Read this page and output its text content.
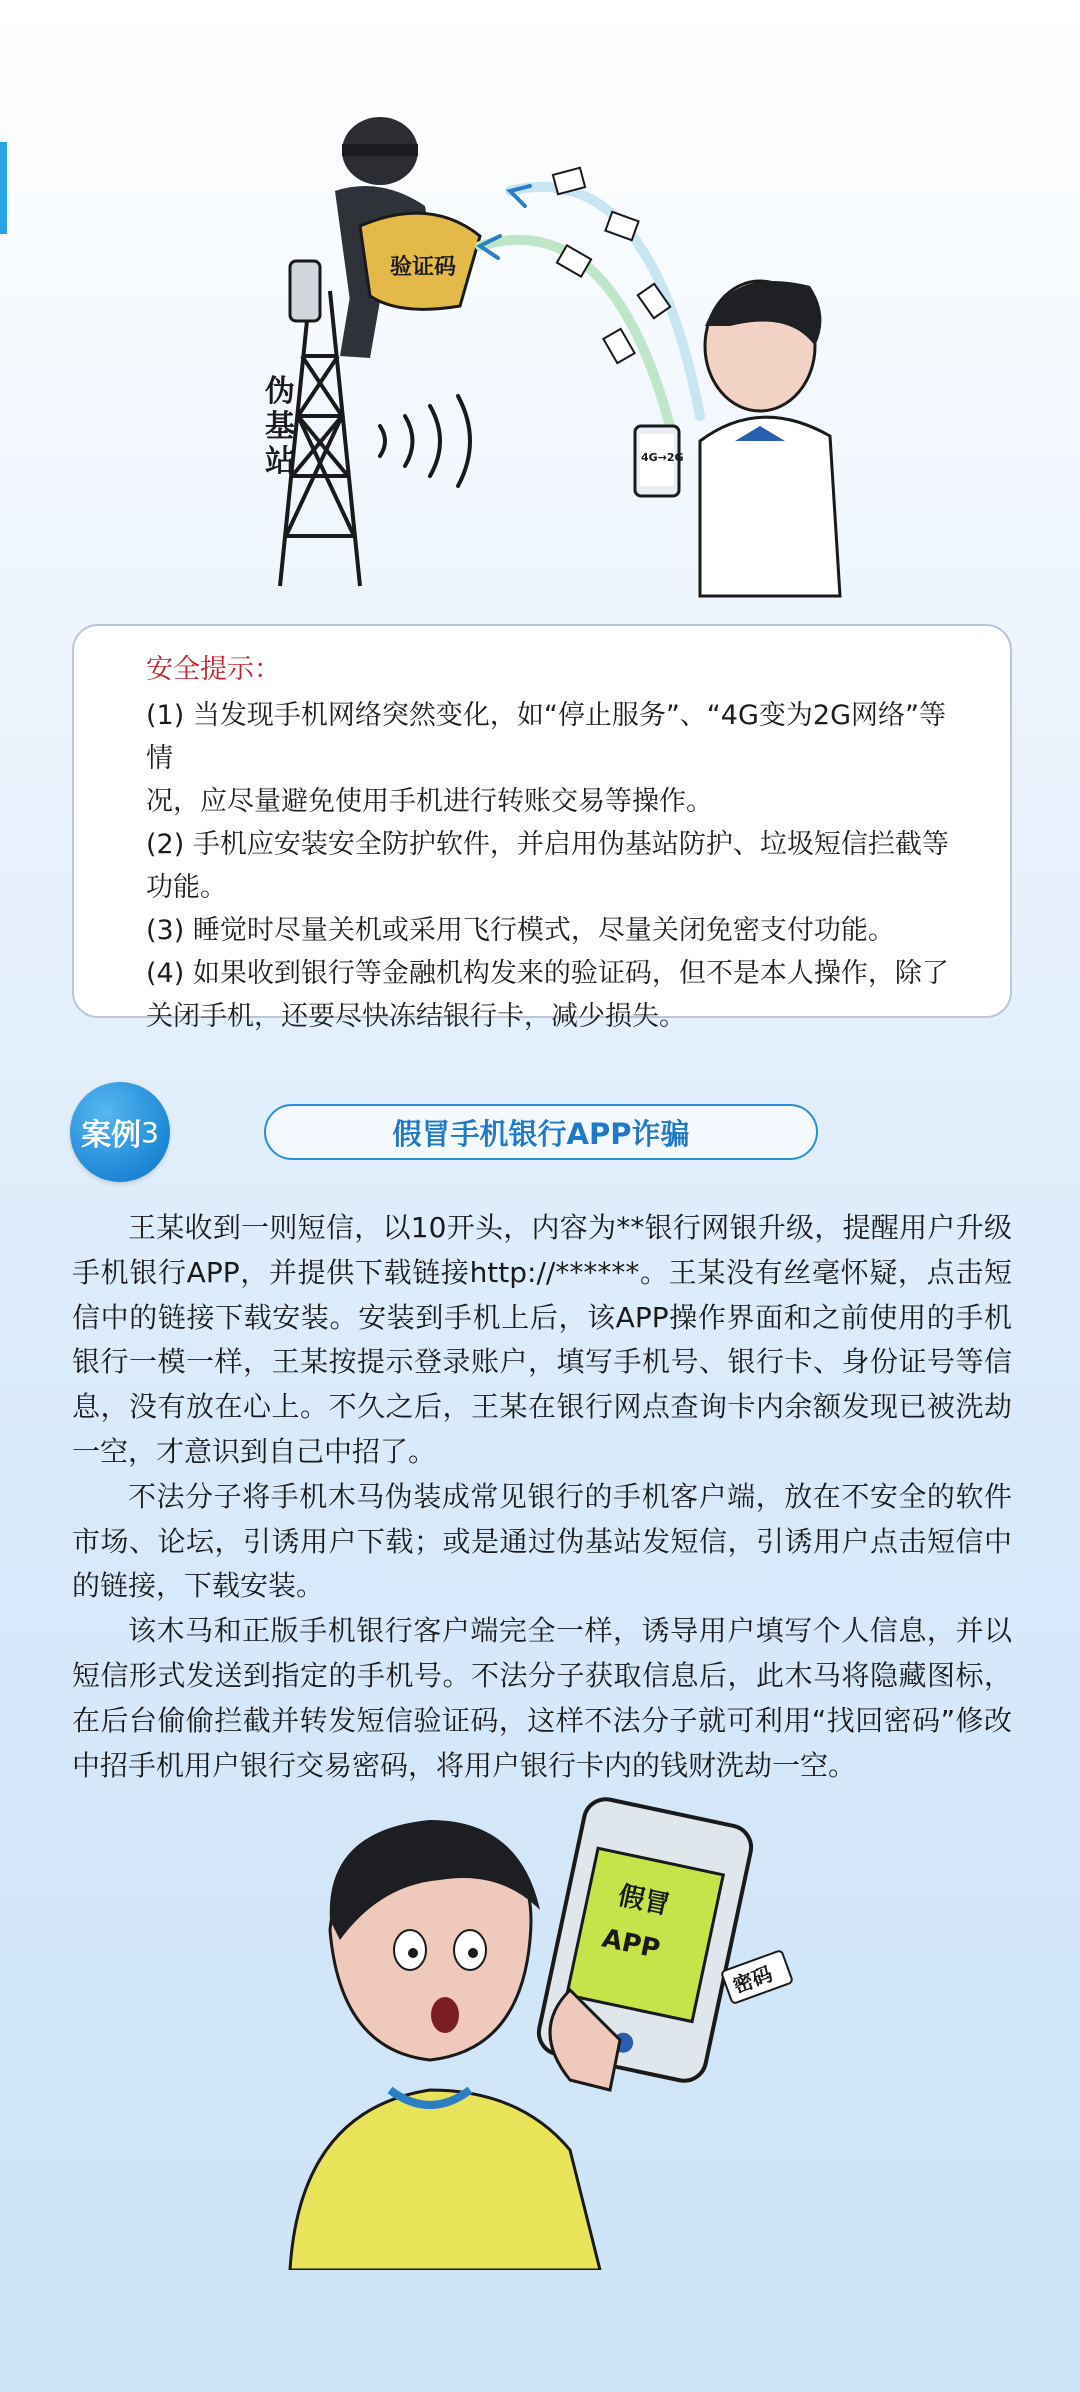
伪
基
站
验证码
4G→2G
安全提示：
(1) 当发现手机网络突然变化，如“停止服务”、“4G变为2G网络”等情
况，应尽量避免使用手机进行转账交易等操作。
(2) 手机应安装安全防护软件，并启用伪基站防护、垃圾短信拦截等
功能。
(3) 睡觉时尽量关机或采用飞行模式，尽量关闭免密支付功能。
(4) 如果收到银行等金融机构发来的验证码，但不是本人操作，除了
关闭手机，还要尽快冻结银行卡，减少损失。
案例 3	假冒手机银行APP诈骗

王某收到一则短信，以10开头，内容为**银行网银升级，提醒用户升级手机银行APP，并提供下载链接http://******。王某没有丝毫怀疑，点击短信中的链接下载安装。安装到手机上后，该APP操作界面和之前使用的手机银行一模一样，王某按提示登录账户，填写手机号、银行卡、身份证号等信息，没有放在心上。不久之后，王某在银行网点查询卡内余额发现已被洗劫一空，才意识到自己中招了。

不法分子将手机木马伪装成常见银行的手机客户端，放在不安全的软件市场、论坛，引诱用户下载；或是通过伪基站发短信，引诱用户点击短信中的链接，下载安装。

该木马和正版手机银行客户端完全一样，诱导用户填写个人信息，并以短信形式发送到指定的手机号。不法分子获取信息后，此木马将隐藏图标，在后台偷偷拦截并转发短信验证码，这样不法分子就可利用“找回密码”修改中招手机用户银行交易密码，将用户银行卡内的钱财洗劫一空。

假冒
APP
密码
